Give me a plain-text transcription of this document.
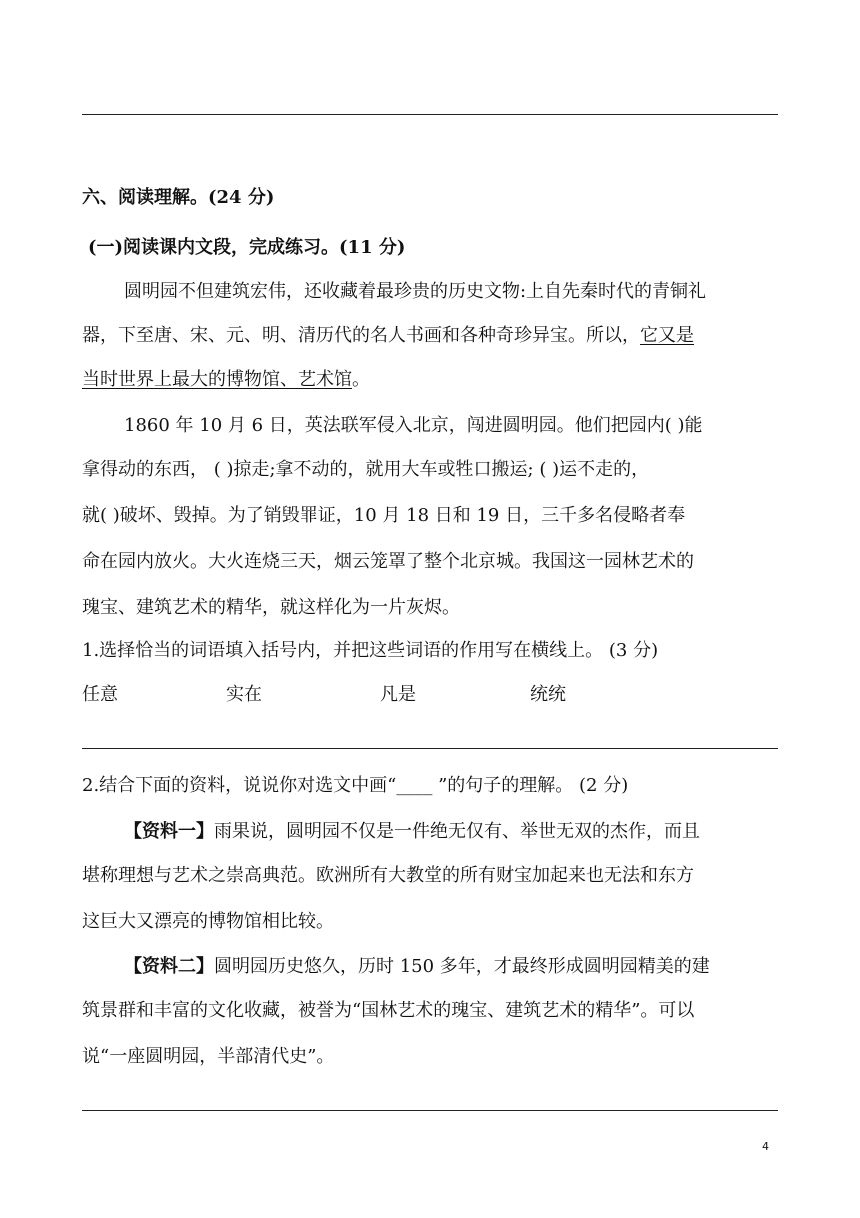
六、阅读理解。(24 分)
(一)阅读课内文段，完成练习。(11 分)
圆明园不但建筑宏伟，还收藏着最珍贵的历史文物:上自先秦时代的青铜礼
器，下至唐、宋、元、明、清历代的名人书画和各种奇珍异宝。所以，它又是
当时世界上最大的博物馆、艺术馆。
1860 年 10 月 6 日，英法联军侵入北京，闯进圆明园。他们把园内( )能
拿得动的东西， ( )掠走;拿不动的，就用大车或牲口搬运; ( )运不走的，
就( )破坏、毁掉。为了销毁罪证，10 月 18 日和 19 日，三千多名侵略者奉
命在园内放火。大火连烧三天，烟云笼罩了整个北京城。我国这一园林艺术的
瑰宝、建筑艺术的精华，就这样化为一片灰烬。
1.选择恰当的词语填入括号内，并把这些词语的作用写在横线上。 (3 分)
任意	实在	凡是	统统
2.结合下面的资料，说说你对选文中画“____ ”的句子的理解。 (2 分)
【资料一】雨果说，圆明园不仅是一件绝无仅有、举世无双的杰作，而且
堪称理想与艺术之崇高典范。欧洲所有大教堂的所有财宝加起来也无法和东方
这巨大又漂亮的博物馆相比较。
【资料二】圆明园历史悠久，历时 150 多年，才最终形成圆明园精美的建
筑景群和丰富的文化收藏，被誉为“国林艺术的瑰宝、建筑艺术的精华”。可以
说“一座圆明园，半部清代史”。
4
